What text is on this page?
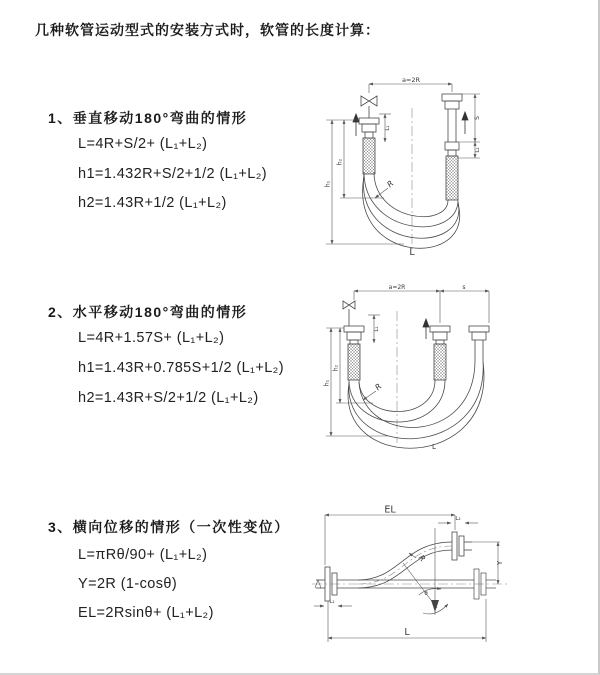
几种软管运动型式的安装方式时，软管的长度计算：
1、垂直移动180°弯曲的情形
L=4R+S/2+ (L₁+L₂)
h1=1.432R+S/2+1/2 (L₁+L₂)
h2=1.43R+1/2 (L₁+L₂)
a=2R
S
L₂
L₁
h₁
h₂
R
L
2、水平移动180°弯曲的情形
L=4R+1.57S+ (L₁+L₂)
h1=1.43R+0.785S+1/2 (L₁+L₂)
h2=1.43R+S/2+1/2 (L₁+L₂)
a=2R	s
L₁
h₁
h₂
R
L
3、横向位移的情形（一次性变位）
L=πRθ/90+ (L₁+L₂)
Y=2R (1-cosθ)
EL=2Rsinθ+ (L₁+L₂)
EL
L₂
Y
R
θ
L₁
L
